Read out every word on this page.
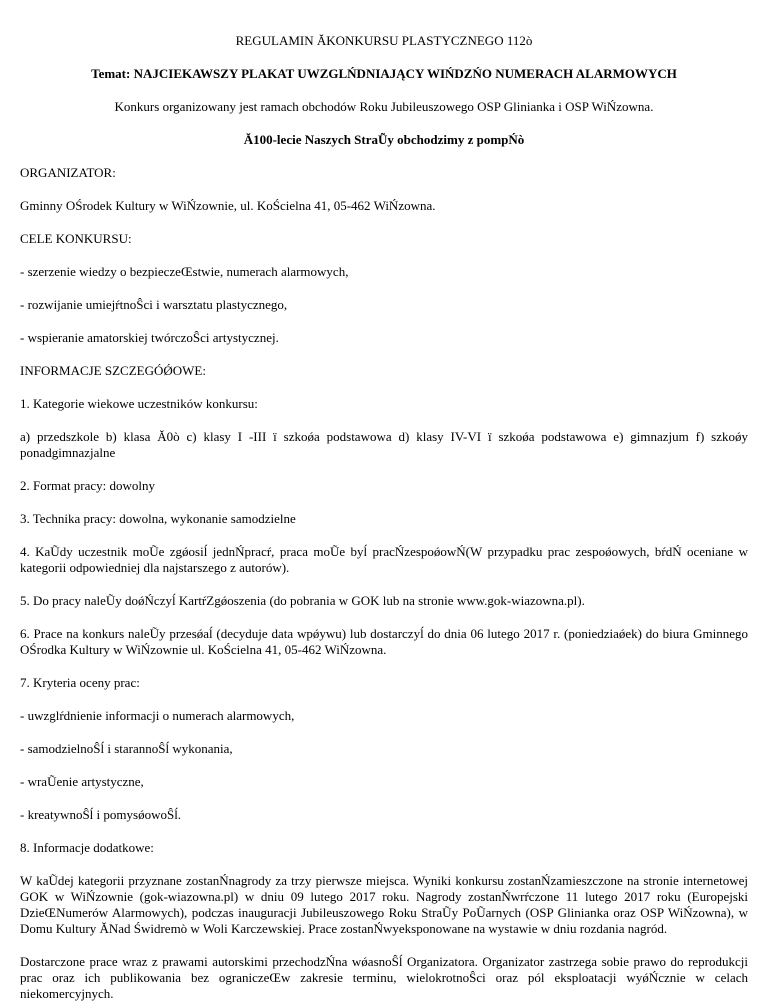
REGULAMIN ĂKONKURSU PLASTYCZNEGO 112ò

Temat: NAJCIEKAWSZY PLAKAT UWZGLŃDNIAJĄCY WIŃDZŃO NUMERACH ALARMOWYCH

Konkurs organizowany jest ramach obchodów Roku Jubileuszowego OSP Glinianka i OSP WiŃzowna.

Ă100-lecie Naszych StraŨy obchodzimy z pompŃò

ORGANIZATOR:

Gminny OŚrodek Kultury w WiŃzownie, ul. KoŚcielna 41, 05-462 WiŃzowna.

CELE KONKURSU:

- szerzenie wiedzy o bezpieczeŒstwie, numerach alarmowych,

- rozwijanie umiejŕtnoŜci i warsztatu plastycznego,

- wspieranie amatorskiej twórczoŜci artystycznej.

INFORMACJE SZCZEGÓǾOWE:

1. Kategorie wiekowe uczestników konkursu:

a) przedszkole b) klasa Ă0ò c) klasy I -III ï szkoǿa podstawowa d) klasy IV-VI ï szkoǿa podstawowa e) gimnazjum f) szkoǿy ponadgimnazjalne

2. Format pracy: dowolny

3. Technika pracy: dowolna, wykonanie samodzielne

4. KaŨdy uczestnik moŨe zgǿosiĺ jednŃpracŕ, praca moŨe byĺ pracŃzespoǿowŃ(W przypadku prac zespoǿowych, bŕdŃ oceniane w kategorii odpowiedniej dla najstarszego z autorów).

5. Do pracy naleŨy doǿŃczyĺ KartŕZgǿoszenia (do pobrania w GOK lub na stronie www.gok-wiazowna.pl).

6. Prace na konkurs naleŨy przesǿaĺ (decyduje data wpǿywu) lub dostarczyĺ do dnia 06 lutego 2017 r. (poniedziaǿek) do biura Gminnego OŚrodka Kultury w WiŃzownie ul. KoŚcielna 41, 05-462 WiŃzowna.

7. Kryteria oceny prac:

- uwzglŕdnienie informacji o numerach alarmowych,

- samodzielnoŜĺ i starannoŜĺ wykonania,

- wraŨenie artystyczne,

- kreatywnoŜĺ i pomysǿowoŜĺ.

8. Informacje dodatkowe:

W kaŨdej kategorii przyznane zostanŃnagrody za trzy pierwsze miejsca. Wyniki konkursu zostanŃzamieszczone na stronie internetowej GOK w WiŃzownie (gok-wiazowna.pl) w dniu 09 lutego 2017 roku. Nagrody zostanŃwrŕczone 11 lutego 2017 roku (Europejski DzieŒNumerów Alarmowych), podczas inauguracji Jubileuszowego Roku StraŨy PoŨarnych (OSP Glinianka oraz OSP WiŃzowna), w Domu Kultury ĂNad Świdremò w Woli Karczewskiej. Prace zostanŃwyeksponowane na wystawie w dniu rozdania nagród.

Dostarczone prace wraz z prawami autorskimi przechodzŃna wǿasnoŜĺ Organizatora. Organizator zastrzega sobie prawo do reprodukcji prac oraz ich publikowania bez ograniczeŒw zakresie terminu, wielokrotnoŜci oraz pól eksploatacji wyǿŃcznie w celach niekomercyjnych.
